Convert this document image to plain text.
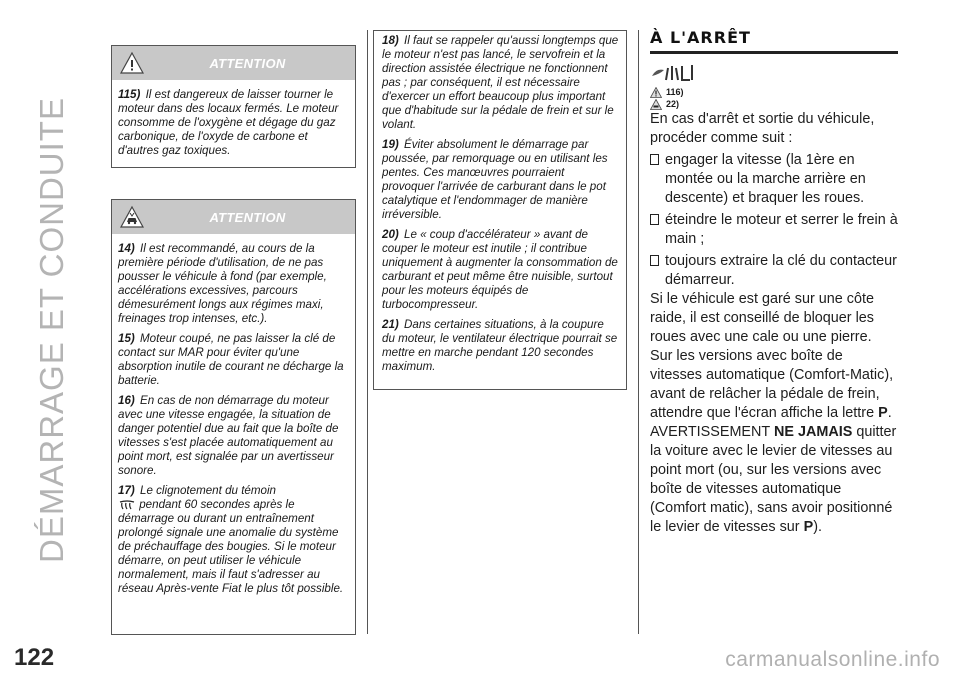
DÉMARRAGE ET CONDUITE
ATTENTION

115) Il est dangereux de laisser tourner le moteur dans des locaux fermés. Le moteur consomme de l'oxygène et dégage du gaz carbonique, de l'oxyde de carbone et d'autres gaz toxiques.

ATTENTION

14) Il est recommandé, au cours de la première période d'utilisation, de ne pas pousser le véhicule à fond (par exemple, accélérations excessives, parcours démesurément longs aux régimes maxi, freinages trop intenses, etc.).

15) Moteur coupé, ne pas laisser la clé de contact sur MAR pour éviter qu'une absorption inutile de courant ne décharge la batterie.

16) En cas de non démarrage du moteur avec une vitesse engagée, la situation de danger potentiel due au fait que la boîte de vitesses s'est placée automatiquement au point mort, est signalée par un avertisseur sonore.

17) Le clignotement du témoin
pendant 60 secondes après le démarrage ou durant un entraînement prolongé signale une anomalie du système de préchauffage des bougies. Si le moteur démarre, on peut utiliser le véhicule normalement, mais il faut s'adresser au réseau Après-vente Fiat le plus tôt possible.

18) Il faut se rappeler qu'aussi longtemps que le moteur n'est pas lancé, le servofrein et la direction assistée électrique ne fonctionnent pas ; par conséquent, il est nécessaire d'exercer un effort beaucoup plus important que d'habitude sur la pédale de frein et sur le volant.

19) Éviter absolument le démarrage par poussée, par remorquage ou en utilisant les pentes. Ces manœuvres pourraient provoquer l'arrivée de carburant dans le pot catalytique et l'endommager de manière irréversible.

20) Le « coup d'accélérateur » avant de couper le moteur est inutile ; il contribue uniquement à augmenter la consommation de carburant et peut même être nuisible, surtout pour les moteurs équipés de turbocompresseur.

21) Dans certaines situations, à la coupure du moteur, le ventilateur électrique pourrait se mettre en marche pendant 120 secondes maximum.

À L'ARRÊT
116)
22)

En cas d'arrêt et sortie du véhicule, procéder comme suit :

engager la vitesse (la 1ère en montée ou la marche arrière en descente) et braquer les roues.
éteindre le moteur et serrer le frein à main ;
toujours extraire la clé du contacteur démarreur.

Si le véhicule est garé sur une côte raide, il est conseillé de bloquer les roues avec une cale ou une pierre.

Sur les versions avec boîte de vitesses automatique (Comfort-Matic), avant de relâcher la pédale de frein, attendre que l'écran affiche la lettre P.

AVERTISSEMENT NE JAMAIS quitter la voiture avec le levier de vitesses au point mort (ou, sur les versions avec boîte de vitesses automatique (Comfort matic), sans avoir positionné le levier de vitesses sur P).

122	carmanualsonline.info
